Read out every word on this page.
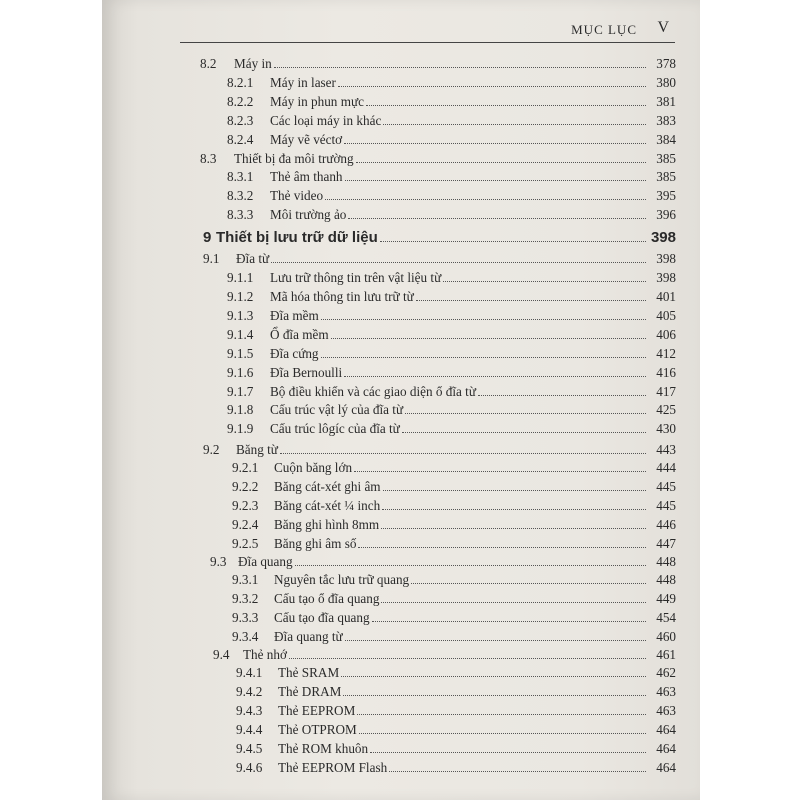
MỤC LỤC V
8.2	Máy in	378
8.2.1	Máy in laser	380
8.2.2	Máy in phun mực	381
8.2.3	Các loại máy in khác	383
8.2.4	Máy vẽ véctơ	384
8.3	Thiết bị đa môi trường	385
8.3.1	Thẻ âm thanh	385
8.3.2	Thẻ video	395
8.3.3	Môi trường ảo	396
9 Thiết bị lưu trữ dữ liệu	398
9.1	Đĩa từ	398
9.1.1	Lưu trữ thông tin trên vật liệu từ	398
9.1.2	Mã hóa thông tin lưu trữ từ	401
9.1.3	Đĩa mềm	405
9.1.4	Ổ đĩa mềm	406
9.1.5	Đĩa cứng	412
9.1.6	Đĩa Bernoulli	416
9.1.7	Bộ điều khiển và các giao diện ổ đĩa từ	417
9.1.8	Cấu trúc vật lý của đĩa từ	425
9.1.9	Cấu trúc lôgíc của đĩa từ	430
9.2	Băng từ	443
9.2.1	Cuộn băng lớn	444
9.2.2	Băng cát-xét ghi âm	445
9.2.3	Băng cát-xét ¼ inch	445
9.2.4	Băng ghi hình 8mm	446
9.2.5	Băng ghi âm số	447
9.3 Đĩa quang	448
9.3.1	Nguyên tắc lưu trữ quang	448
9.3.2	Cấu tạo ổ đĩa quang	449
9.3.3	Cấu tạo đĩa quang	454
9.3.4	Đĩa quang từ	460
9.4	Thẻ nhớ	461
9.4.1	Thẻ SRAM	462
9.4.2	Thẻ DRAM	463
9.4.3	Thẻ EEPROM	463
9.4.4	Thẻ OTPROM	464
9.4.5	Thẻ ROM khuôn	464
9.4.6	Thẻ EEPROM Flash	464
